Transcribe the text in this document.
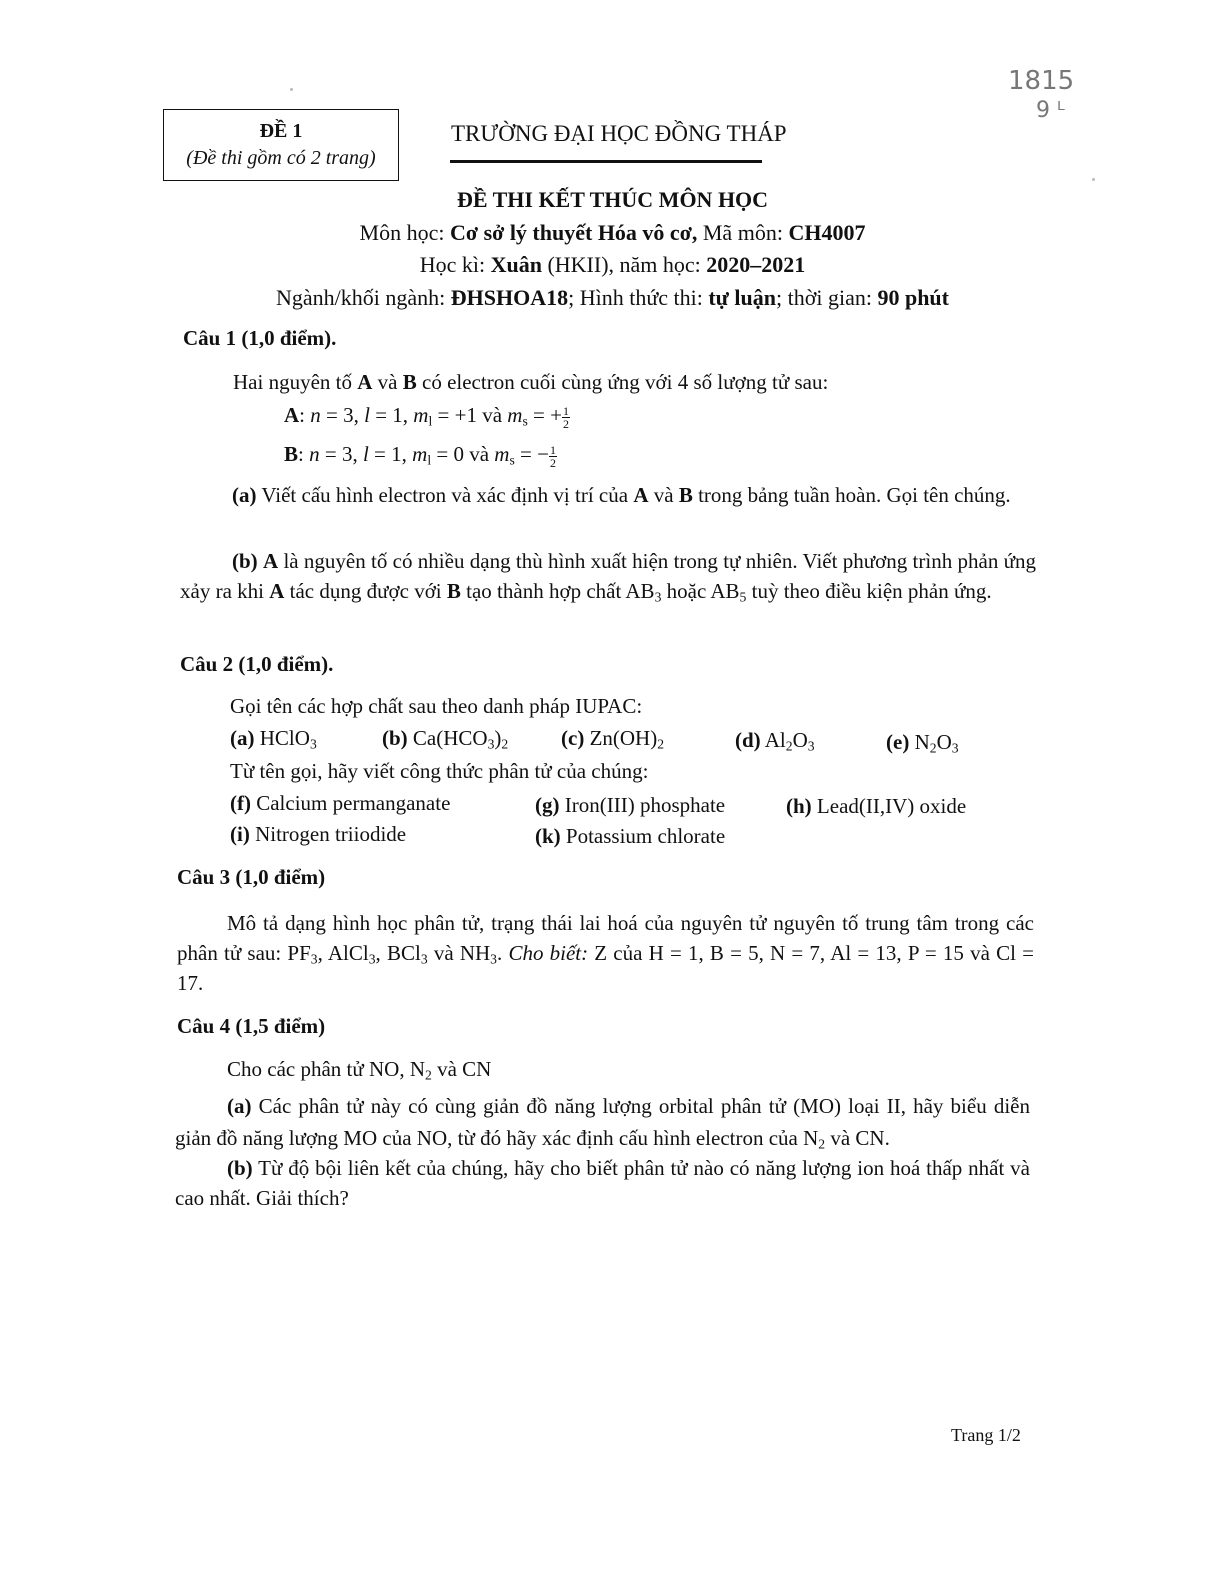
1815
9 ᴸ
ĐỀ 1
(Đề thi gồm có 2 trang)
TRƯỜNG ĐẠI HỌC ĐỒNG THÁP
ĐỀ THI KẾT THÚC MÔN HỌC
Môn học: Cơ sở lý thuyết Hóa vô cơ, Mã môn: CH4007
Học kì: Xuân (HKII), năm học: 2020–2021
Ngành/khối ngành: ĐHSHOA18; Hình thức thi: tự luận; thời gian: 90 phút
Câu 1 (1,0 điểm).
Hai nguyên tố A và B có electron cuối cùng ứng với 4 số lượng tử sau:
A: n = 3, l = 1, $m_l = +1$ và $m_s$ = + $\frac{1}{2}$
B: n = 3, l = 1, $m_l = 0$ và $m_s$ = − $\frac{1}{2}$
(a) Viết cấu hình electron và xác định vị trí của A và B trong bảng tuần hoàn. Gọi tên chúng.
(b) A là nguyên tố có nhiều dạng thù hình xuất hiện trong tự nhiên. Viết phương trình phản ứng xảy ra khi A tác dụng được với B tạo thành hợp chất $AB_3$ hoặc $AB_5$ tuỳ theo điều kiện phản ứng.
Câu 2 (1,0 điểm).
Gọi tên các hợp chất sau theo danh pháp IUPAC:
(a) HClO$_3$	(b) $Ca(HCO_3)_2$	(c) $Zn(OH)_2$	(d) $Al_2O_3$	(e) $N_2O_3$
Từ tên gọi, hãy viết công thức phân tử của chúng:
(f) Calcium permanganate	(g) Iron(III) phosphate	(h) Lead(II,IV) oxide
(i) Nitrogen triiodide	(k) Potassium chlorate
Câu 3 (1,0 điểm)
Mô tả dạng hình học phân tử, trạng thái lai hoá của nguyên tử nguyên tố trung tâm trong các phân tử sau: $PF_3$, AlCl$_3$, BCl$_3$ và $NH_3$. Cho biết: Z của H = 1, B = 5, N = 7, Al = 13, P = 15 và Cl = 17.
Câu 4 (1,5 điểm)
Cho các phân tử NO, $N_2$ và CN
(a) Các phân tử này có cùng giản đồ năng lượng orbital phân tử (MO) loại II, hãy biểu diễn giản đồ năng lượng MO của NO, từ đó hãy xác định cấu hình electron của $N_2$ và CN.
(b) Từ độ bội liên kết của chúng, hãy cho biết phân tử nào có năng lượng ion hoá thấp nhất và cao nhất. Giải thích?
Trang 1/2
